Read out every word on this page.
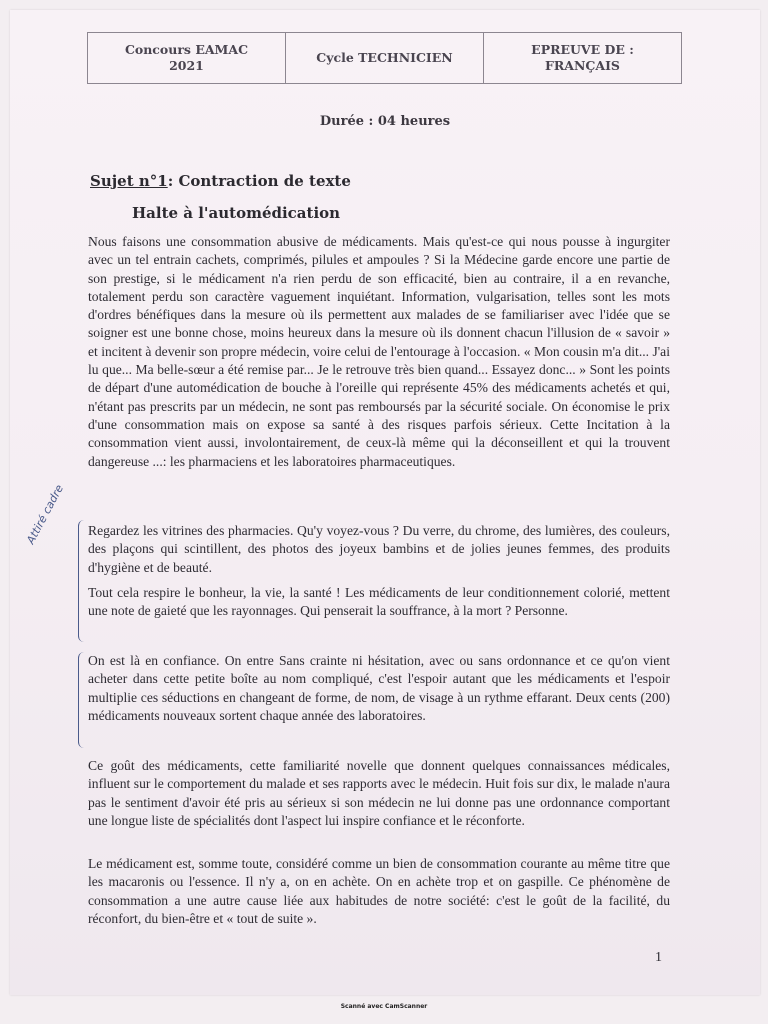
Concours EAMAC
2021
Cycle TECHNICIEN
EPREUVE DE :
FRANÇAIS
Durée : 04 heures
Sujet n°1: Contraction de texte
Halte à l'automédication
Nous faisons une consommation abusive de médicaments. Mais qu'est-ce qui nous pousse à ingurgiter avec un tel entrain cachets, comprimés, pilules et ampoules ? Si la Médecine garde encore une partie de son prestige, si le médicament n'a rien perdu de son efficacité, bien au contraire, il a en revanche, totalement perdu son caractère vaguement inquiétant. Information, vulgarisation, telles sont les mots d'ordres bénéfiques dans la mesure où ils permettent aux malades de se familiariser avec l'idée que se soigner est une bonne chose, moins heureux dans la mesure où ils donnent chacun l'illusion de « savoir » et incitent à devenir son propre médecin, voire celui de l'entourage à l'occasion. « Mon cousin m'a dit... J'ai lu que... Ma belle-sœur a été remise par... Je le retrouve très bien quand... Essayez donc... » Sont les points de départ d'une automédication de bouche à l'oreille qui représente 45% des médicaments achetés et qui, n'étant pas prescrits par un médecin, ne sont pas remboursés par la sécurité sociale. On économise le prix d'une consommation mais on expose sa santé à des risques parfois sérieux. Cette Incitation à la consommation vient aussi, involontairement, de ceux-là même qui la déconseillent et qui la trouvent dangereuse ...: les pharmaciens et les laboratoires pharmaceutiques.
Regardez les vitrines des pharmacies. Qu'y voyez-vous ? Du verre, du chrome, des lumières, des couleurs, des plaçons qui scintillent, des photos des joyeux bambins et de jolies jeunes femmes, des produits d'hygiène et de beauté.
Tout cela respire le bonheur, la vie, la santé ! Les médicaments de leur conditionnement colorié, mettent une note de gaieté que les rayonnages. Qui penserait la souffrance, à la mort ? Personne.
On est là en confiance. On entre Sans crainte ni hésitation, avec ou sans ordonnance et ce qu'on vient acheter dans cette petite boîte au nom compliqué, c'est l'espoir autant que les médicaments et l'espoir multiplie ces séductions en changeant de forme, de nom, de visage à un rythme effarant. Deux cents (200) médicaments nouveaux sortent chaque année des laboratoires.
Ce goût des médicaments, cette familiarité novelle que donnent quelques connaissances médicales, influent sur le comportement du malade et ses rapports avec le médecin. Huit fois sur dix, le malade n'aura pas le sentiment d'avoir été pris au sérieux si son médecin ne lui donne pas une ordonnance comportant une longue liste de spécialités dont l'aspect lui inspire confiance et le réconforte.
Le médicament est, somme toute, considéré comme un bien de consommation courante au même titre que les macaronis ou l'essence. Il n'y a, on en achète. On en achète trop et on gaspille. Ce phénomène de consommation a une autre cause liée aux habitudes de notre société: c'est le goût de la facilité, du réconfort, du bien-être et « tout de suite ».
Attiré cadre
1
Scanné avec CamScanner
